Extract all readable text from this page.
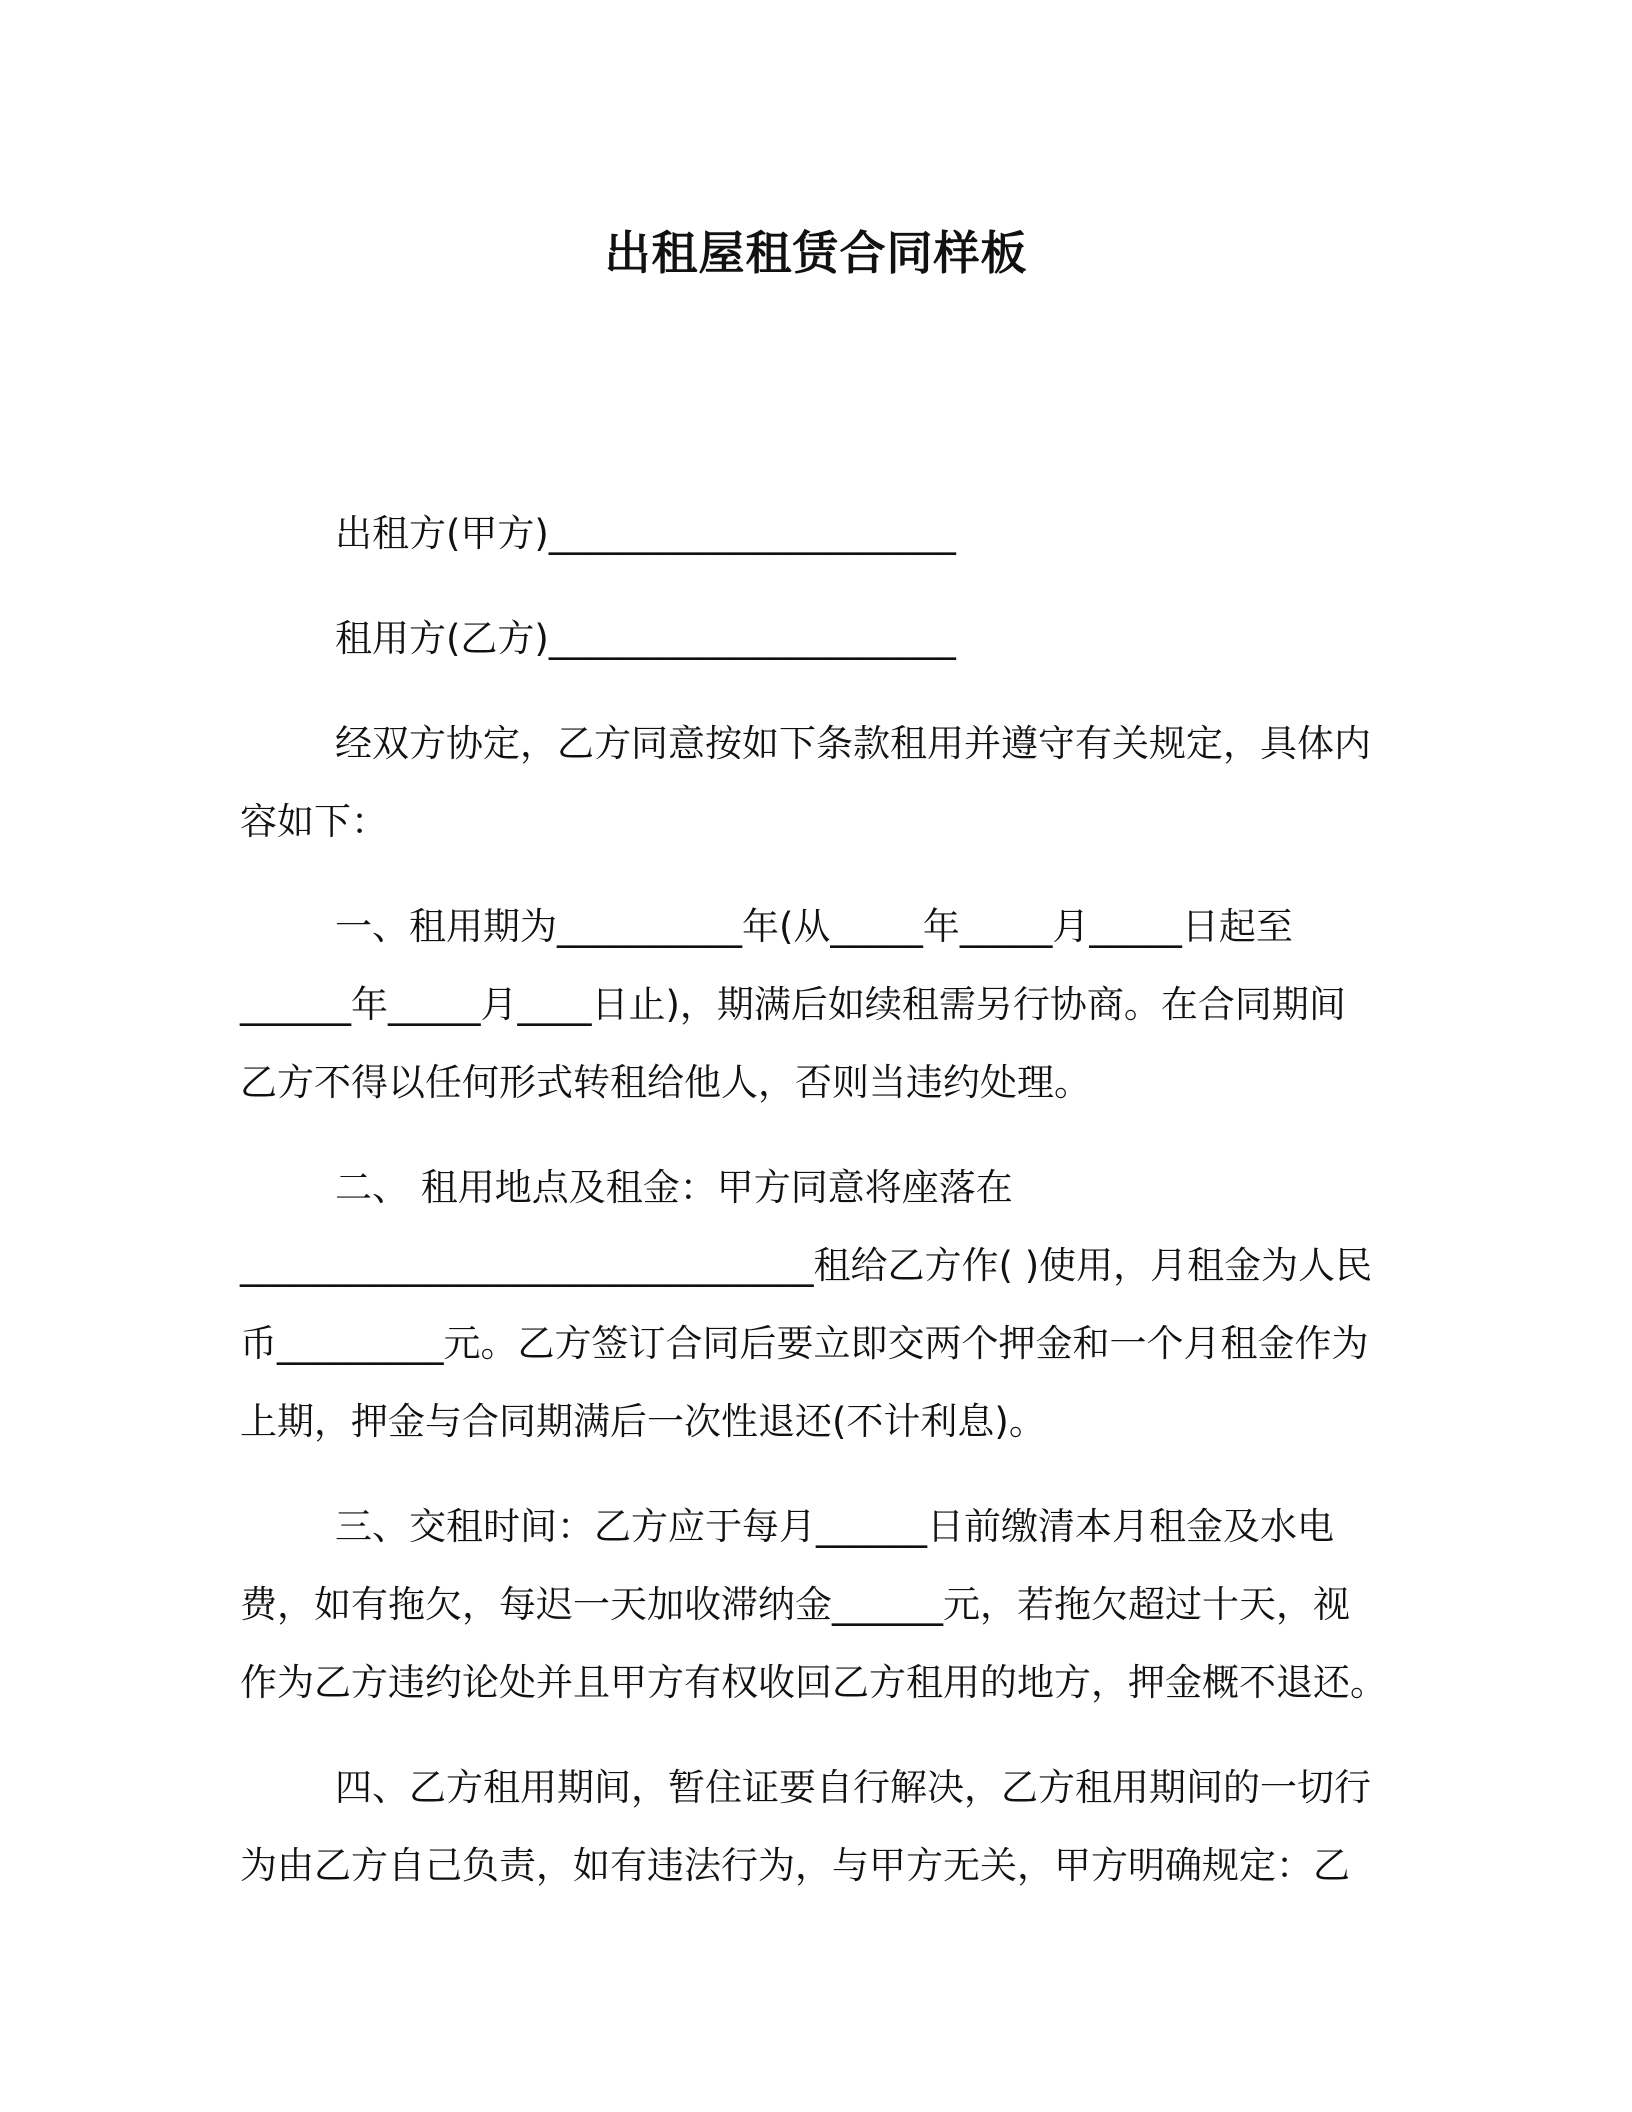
出租屋租赁合同样板

出租方(甲方)______________________

租用方(乙方)______________________

经双方协定，乙方同意按如下条款租用并遵守有关规定，具体内
容如下：

一、租用期为__________年(从_____年_____月_____日起至
______年_____月____日止)，期满后如续租需另行协商。在合同期间
乙方不得以任何形式转租给他人，否则当违约处理。

二、 租用地点及租金：甲方同意将座落在
_______________________________租给乙方作( )使用，月租金为人民
币_________元。乙方签订合同后要立即交两个押金和一个月租金作为
上期，押金与合同期满后一次性退还(不计利息)。

三、交租时间：乙方应于每月______日前缴清本月租金及水电
费，如有拖欠，每迟一天加收滞纳金______元，若拖欠超过十天，视
作为乙方违约论处并且甲方有权收回乙方租用的地方，押金概不退还。

四、乙方租用期间，暂住证要自行解决，乙方租用期间的一切行
为由乙方自己负责，如有违法行为，与甲方无关，甲方明确规定：乙
